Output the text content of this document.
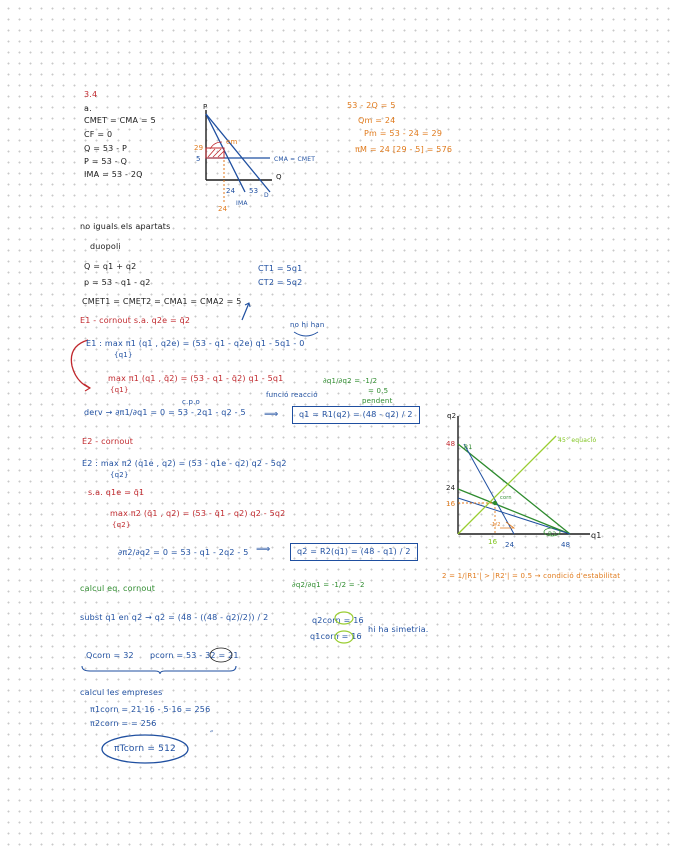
3.4
a.
CMET = CMA = 5
CF = 0
Q = 53 - P
P = 53 - Q
IMA = 53 - 2Q
P
Q
29
5
em
CMA = CMET
24 53
D
IMA
24
53 - 2Q = 5
Qm = 24
Pm = 53 - 24 = 29
πM = 24 [29 - 5] = 576
no iguals els apartats
duopoli
Q = q1 + q2
p = 53 - q1 - q2
CT1 = 5q1
CT2 = 5q2
CMET1 = CMET2 = CMA1 = CMA2 = 5
E1 - cornout s.a. q2e = q̄2	no hi han
E1 : max π1 (q1 , q2e) = (53 - q1 - q2e) q1 - 5q1 - 0
{q1}
max π1 (q1 , q̄2) = (53 - q1 - q̄2) q1 - 5q1
{q1}
c.p.o
derv → ∂π1/∂q1 = 0 = 53 - 2q1 - q2 - 5
funció reacció
⟹	q1 = R1(q2) = (48 - q2) / 2
∂q1/∂q2 = -1/2
pendent
= 0.5
E2 - cornout
E2 : max π2 (q1e , q2) = (53 - q1e - q2) q2 - 5q2
{q2}
s.a. q1e = q̄1
max π2 (q̄1 , q2) = (53 - q̄1 - q2) q2 - 5q2
{q2}
∂π2/∂q2 = 0 = 53 - q1 - 2q2 - 5 ⟹	q2 = R2(q1) = (48 - q1) / 2
∂q2/∂q1 = -1/2 = -2
q2
q1
48
24
16
16 24	48
R1
R2
45° equació
corn
-1/2
2 = 1/|R1'| > |R2'| = 0.5 → condició d'estabilitat
calcul eq. cornout
subst q1 en q2 → q2 = (48 - ((48 - q2)/2)) / 2	q2corn = 16
q1corn = 16
hi ha simetria.
Qcorn = 32 pcorn = 53 - 32 = 21
calcul les empreses
π1corn = 21·16 - 5·16 = 256
π2corn = = 256
″
πTcorn = 512
